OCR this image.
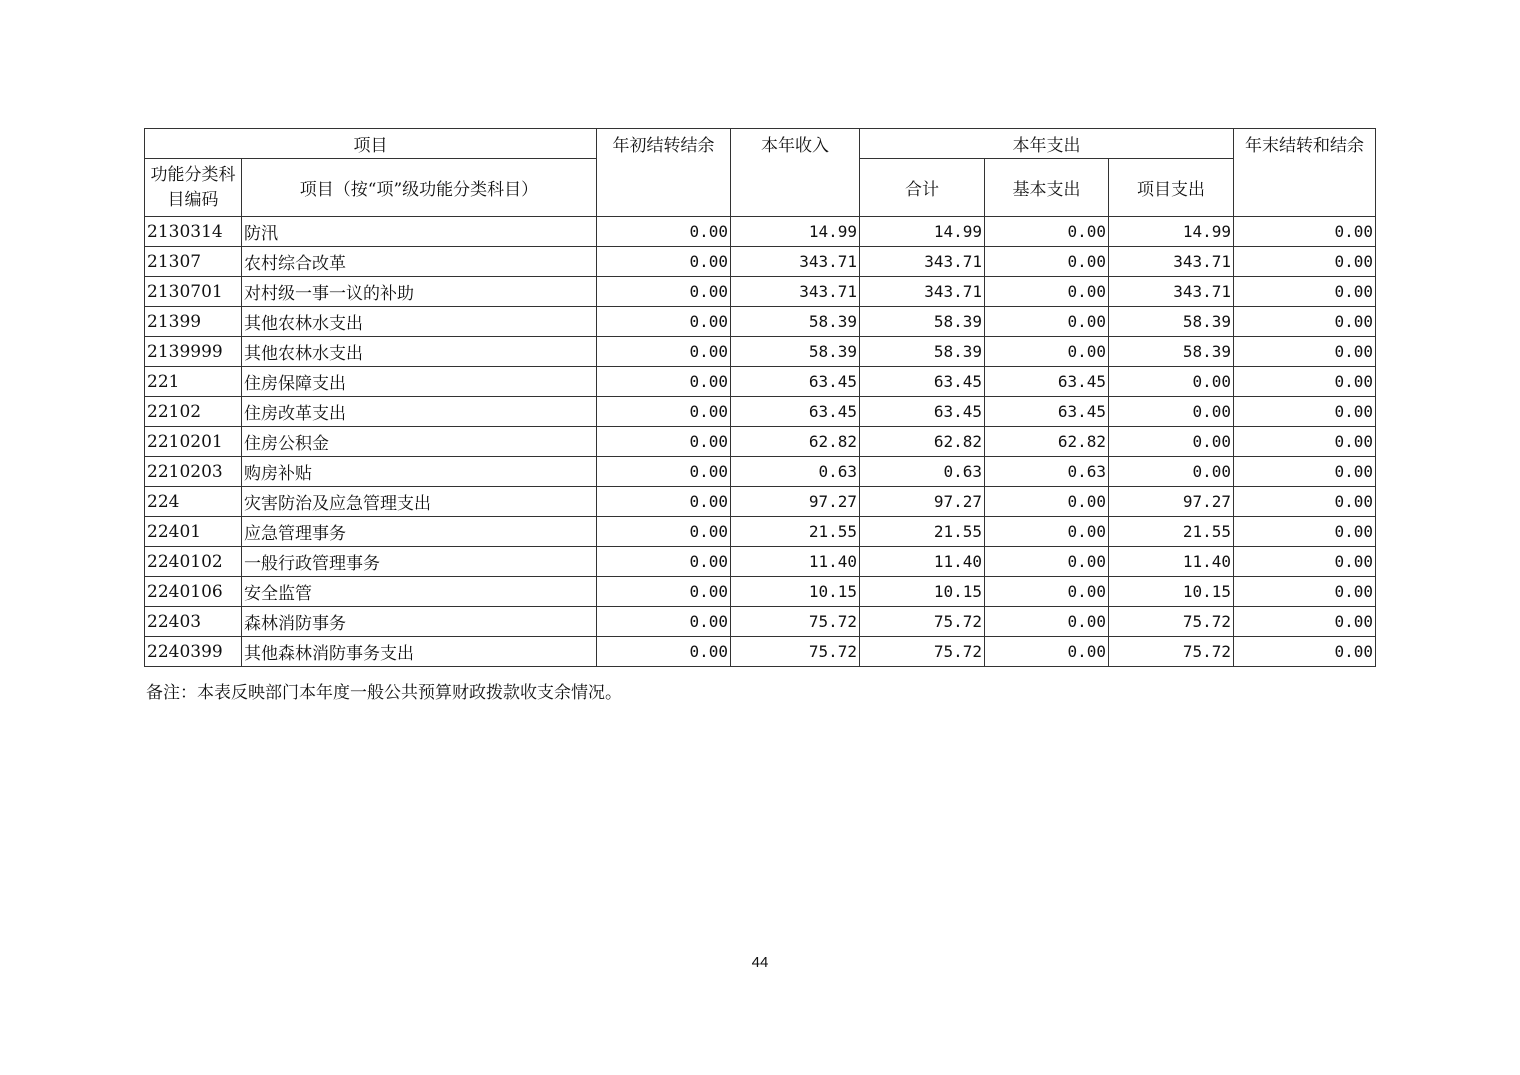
项目		年初结转结余	本年收入	本年支出			年末结转和结余
功能分类科目编码	项目（按“项”级功能分类科目）			合计	基本支出	项目支出	
2130314	防汛	0.00	14.99	14.99	0.00	14.99	0.00
21307	农村综合改革	0.00	343.71	343.71	0.00	343.71	0.00
2130701	对村级一事一议的补助	0.00	343.71	343.71	0.00	343.71	0.00
21399	其他农林水支出	0.00	58.39	58.39	0.00	58.39	0.00
2139999	其他农林水支出	0.00	58.39	58.39	0.00	58.39	0.00
221	住房保障支出	0.00	63.45	63.45	63.45	0.00	0.00
22102	住房改革支出	0.00	63.45	63.45	63.45	0.00	0.00
2210201	住房公积金	0.00	62.82	62.82	62.82	0.00	0.00
2210203	购房补贴	0.00	0.63	0.63	0.63	0.00	0.00
224	灾害防治及应急管理支出	0.00	97.27	97.27	0.00	97.27	0.00
22401	应急管理事务	0.00	21.55	21.55	0.00	21.55	0.00
2240102	一般行政管理事务	0.00	11.40	11.40	0.00	11.40	0.00
2240106	安全监管	0.00	10.15	10.15	0.00	10.15	0.00
22403	森林消防事务	0.00	75.72	75.72	0.00	75.72	0.00
2240399	其他森林消防事务支出	0.00	75.72	75.72	0.00	75.72	0.00
备注：本表反映部门本年度一般公共预算财政拨款收支余情况。
44
